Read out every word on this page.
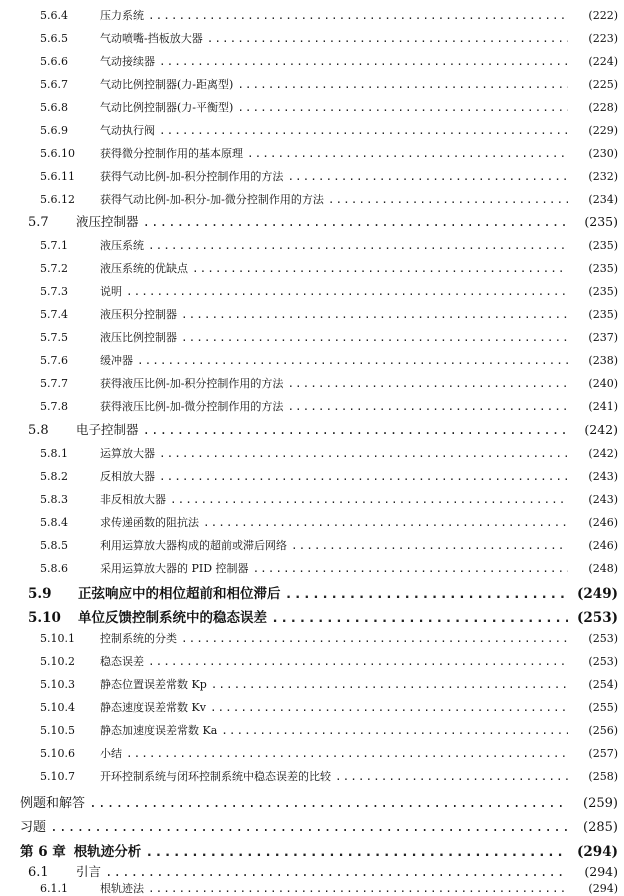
5.6.4	压力系统 .....	(222)
5.6.5	气动喷嘴-挡板放大器 .....	(223)
5.6.6	气动接续器 .....	(224)
5.6.7	气动比例控制器(力-距离型) .....	(225)
5.6.8	气动比例控制器(力-平衡型) .....	(228)
5.6.9	气动执行阀 .....	(229)
5.6.10	获得微分控制作用的基本原理 .....	(230)
5.6.11	获得气动比例-加-积分控制作用的方法 .....	(232)
5.6.12	获得气动比例-加-积分-加-微分控制作用的方法 .....	(234)
5.7	液压控制器 .....	(235)
5.7.1	液压系统 .....	(235)
5.7.2	液压系统的优缺点 .....	(235)
5.7.3	说明 .....	(235)
5.7.4	液压积分控制器 .....	(235)
5.7.5	液压比例控制器 .....	(237)
5.7.6	缓冲器 .....	(238)
5.7.7	获得液压比例-加-积分控制作用的方法 .....	(240)
5.7.8	获得液压比例-加-微分控制作用的方法 .....	(241)
5.8	电子控制器 .....	(242)
5.8.1	运算放大器 .....	(242)
5.8.2	反相放大器 .....	(243)
5.8.3	非反相放大器 .....	(243)
5.8.4	求传递函数的阻抗法 .....	(246)
5.8.5	利用运算放大器构成的超前或滞后网络 .....	(246)
5.8.6	采用运算放大器的 PID 控制器 .....	(248)
5.9	正弦响应中的相位超前和相位滞后 .....	(249)
5.10	单位反馈控制系统中的稳态误差 .....	(253)
5.10.1	控制系统的分类 .....	(253)
5.10.2	稳态误差 .....	(253)
5.10.3	静态位置误差常数 Kp .....	(254)
5.10.4	静态速度误差常数 Kv .....	(255)
5.10.5	静态加速度误差常数 Ka .....	(256)
5.10.6	小结 .....	(257)
5.10.7	开环控制系统与闭环控制系统中稳态误差的比较 .....	(258)
例题和解答 .....	(259)
习题 .....	(285)
第 6 章 根轨迹分析 .....	(294)
6.1	引言 .....	(294)
6.1.1	根轨迹法 .....	(294)
